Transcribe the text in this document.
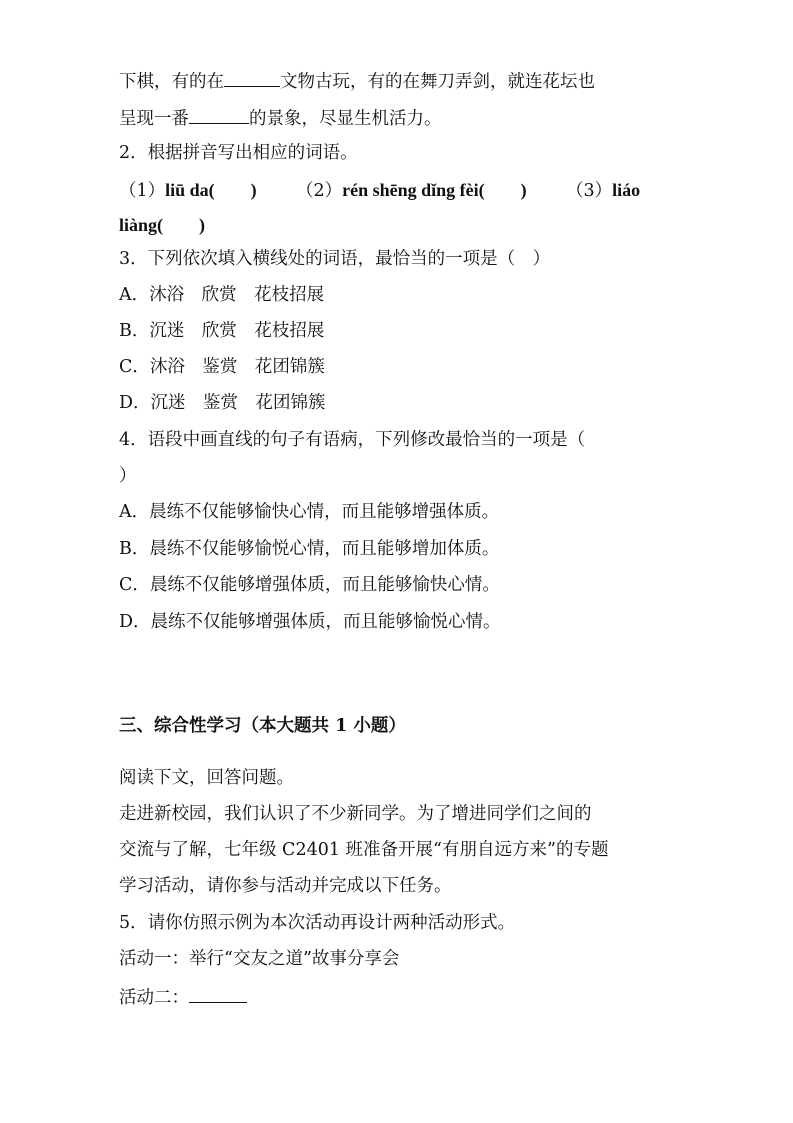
下棋，有的在	文物古玩，有的在舞刀弄剑，就连花坛也
呈现一番	的景象，尽显生机活力。
2．根据拼音写出相应的词语。
（1）liū da(　　) （2）rén shēng dǐng fèi(　　) （3）liáo
liàng(　　)
3．下列依次填入横线处的词语，最恰当的一项是（　）
A．沐浴　欣赏　花枝招展
B．沉迷　欣赏　花枝招展
C．沐浴　鉴赏　花团锦簇
D．沉迷　鉴赏　花团锦簇
4．语段中画直线的句子有语病，下列修改最恰当的一项是（
）
A．晨练不仅能够愉快心情，而且能够增强体质。
B．晨练不仅能够愉悦心情，而且能够增加体质。
C．晨练不仅能够增强体质，而且能够愉快心情。
D．晨练不仅能够增强体质，而且能够愉悦心情。
三、综合性学习（本大题共 1 小题）
阅读下文，回答问题。
走进新校园，我们认识了不少新同学。为了增进同学们之间的
交流与了解，七年级 C2401 班准备开展“有朋自远方来”的专题
学习活动，请你参与活动并完成以下任务。
5．请你仿照示例为本次活动再设计两种活动形式。
活动一：举行“交友之道”故事分享会
活动二：
